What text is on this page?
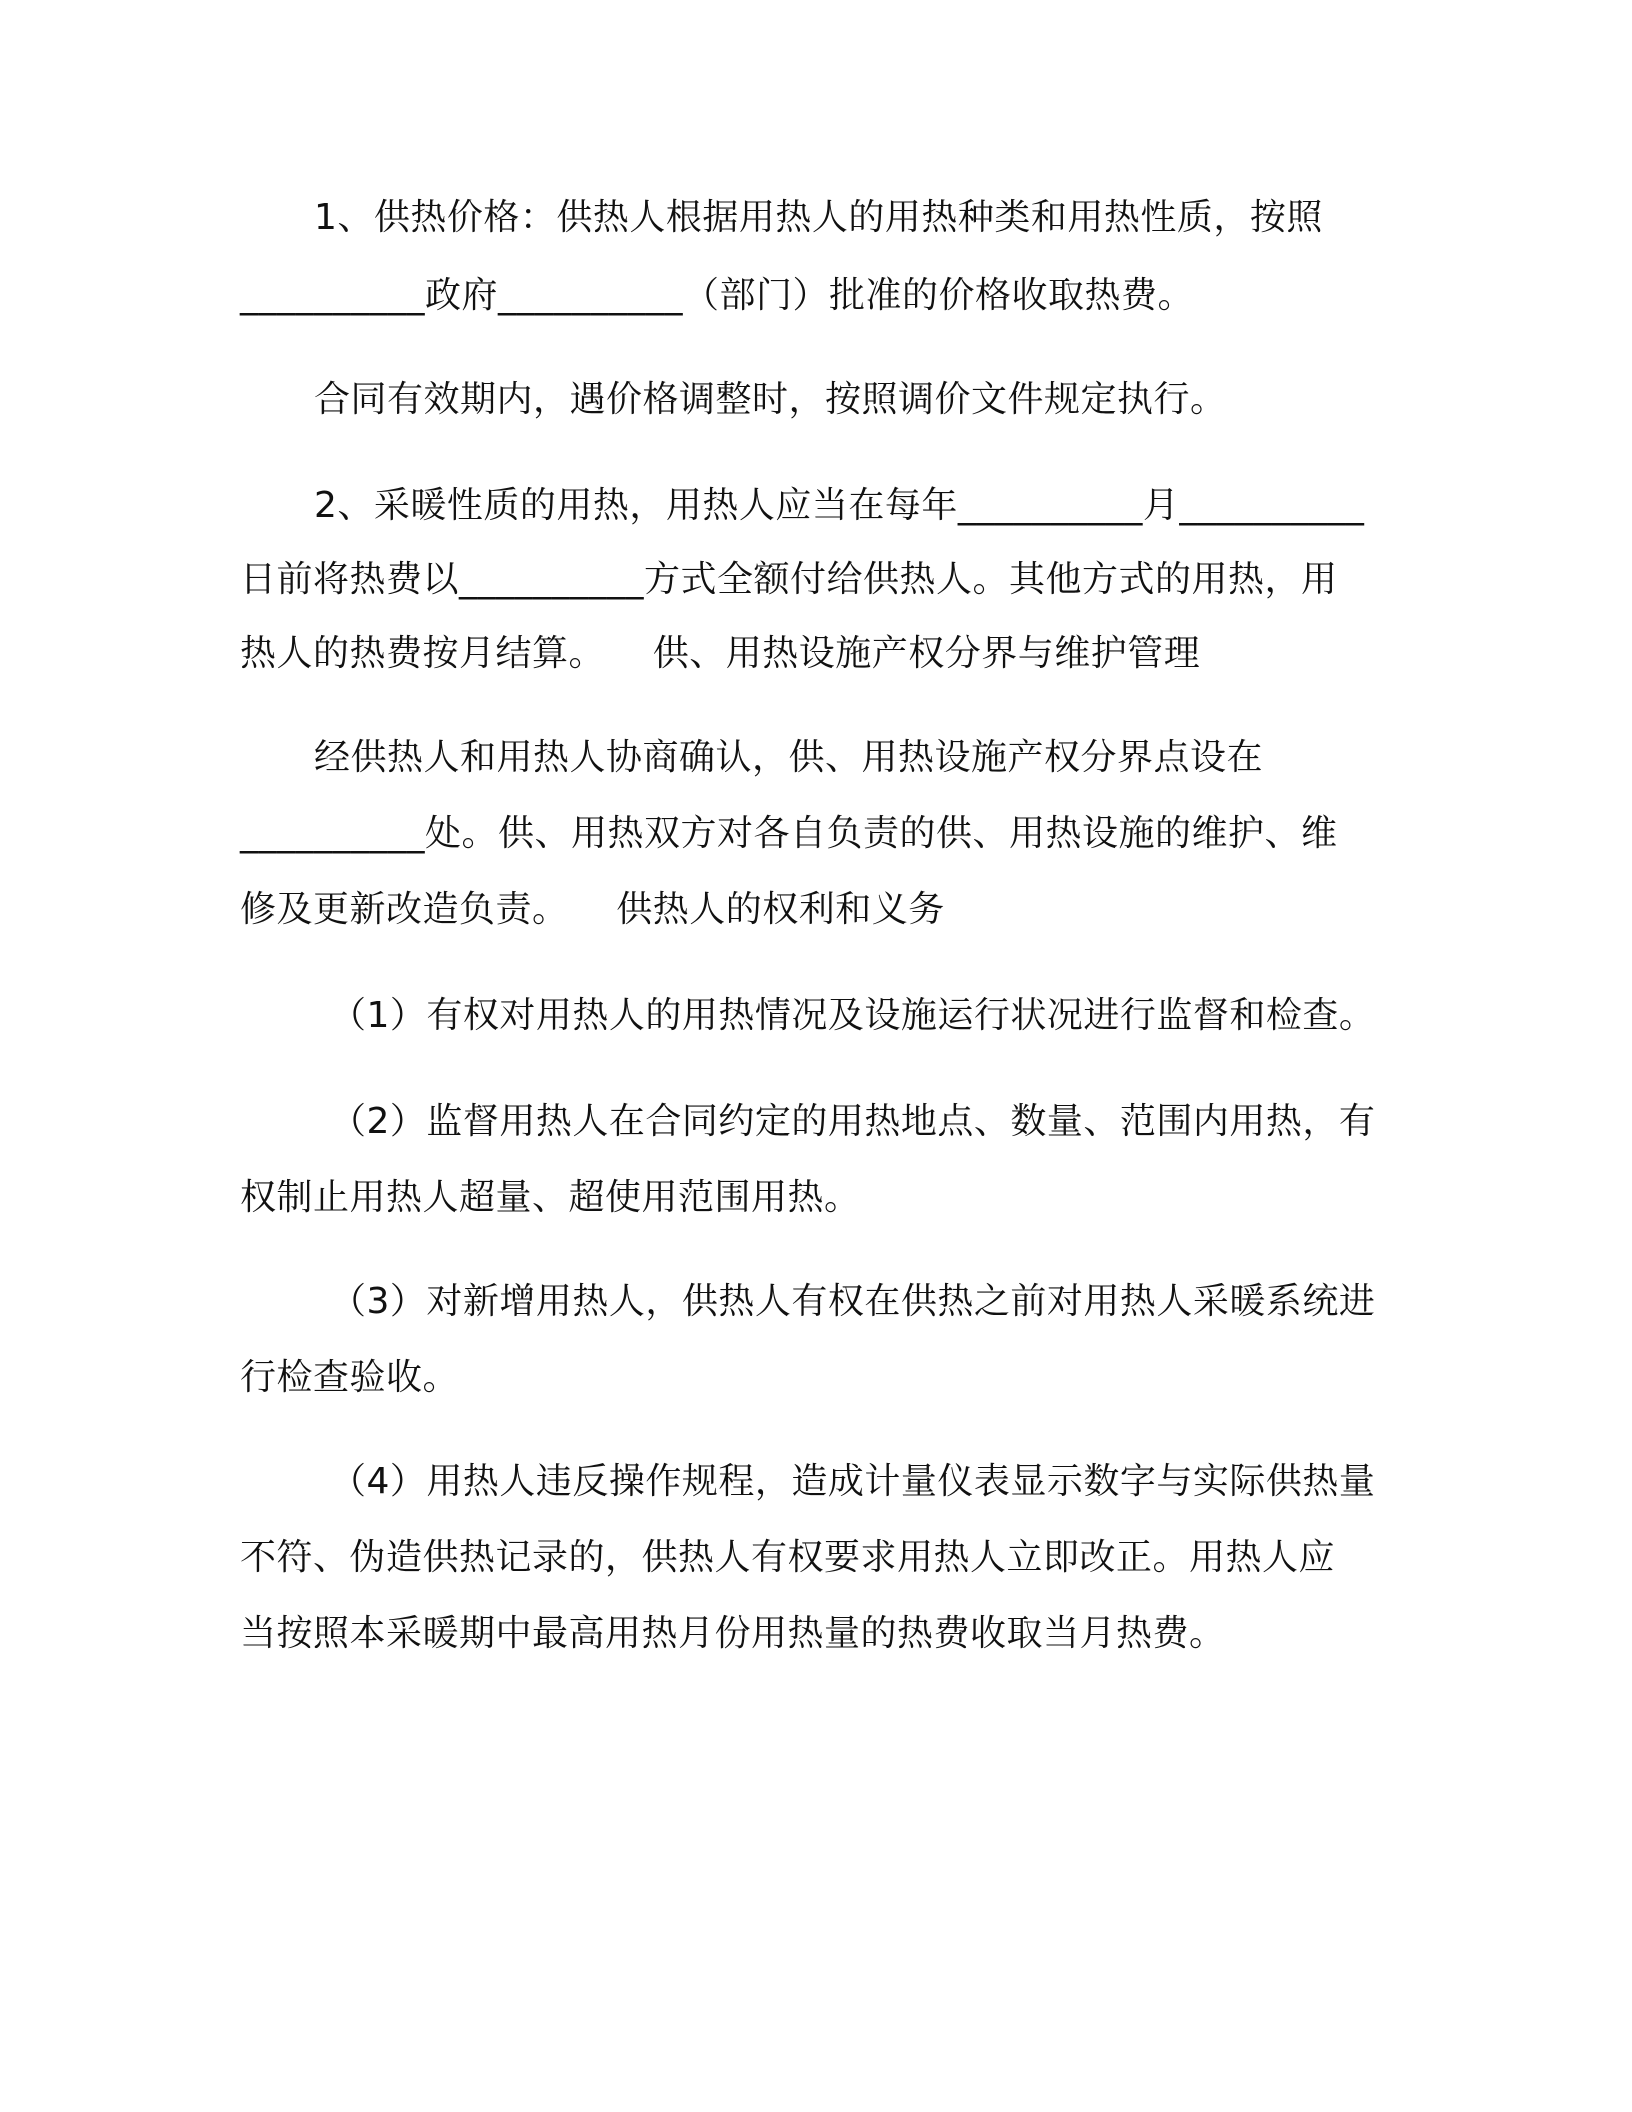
1、供热价格：供热人根据用热人的用热种类和用热性质，按照
__________政府__________（部门）批准的价格收取热费。
合同有效期内，遇价格调整时，按照调价文件规定执行。
2、采暖性质的用热，用热人应当在每年__________月__________
日前将热费以__________方式全额付给供热人。其他方式的用热，用
热人的热费按月结算。    供、用热设施产权分界与维护管理
经供热人和用热人协商确认，供、用热设施产权分界点设在
__________处。供、用热双方对各自负责的供、用热设施的维护、维
修及更新改造负责。    供热人的权利和义务
（1）有权对用热人的用热情况及设施运行状况进行监督和检查。
（2）监督用热人在合同约定的用热地点、数量、范围内用热，有
权制止用热人超量、超使用范围用热。
（3）对新增用热人，供热人有权在供热之前对用热人采暖系统进
行检查验收。
（4）用热人违反操作规程，造成计量仪表显示数字与实际供热量
不符、伪造供热记录的，供热人有权要求用热人立即改正。用热人应
当按照本采暖期中最高用热月份用热量的热费收取当月热费。
